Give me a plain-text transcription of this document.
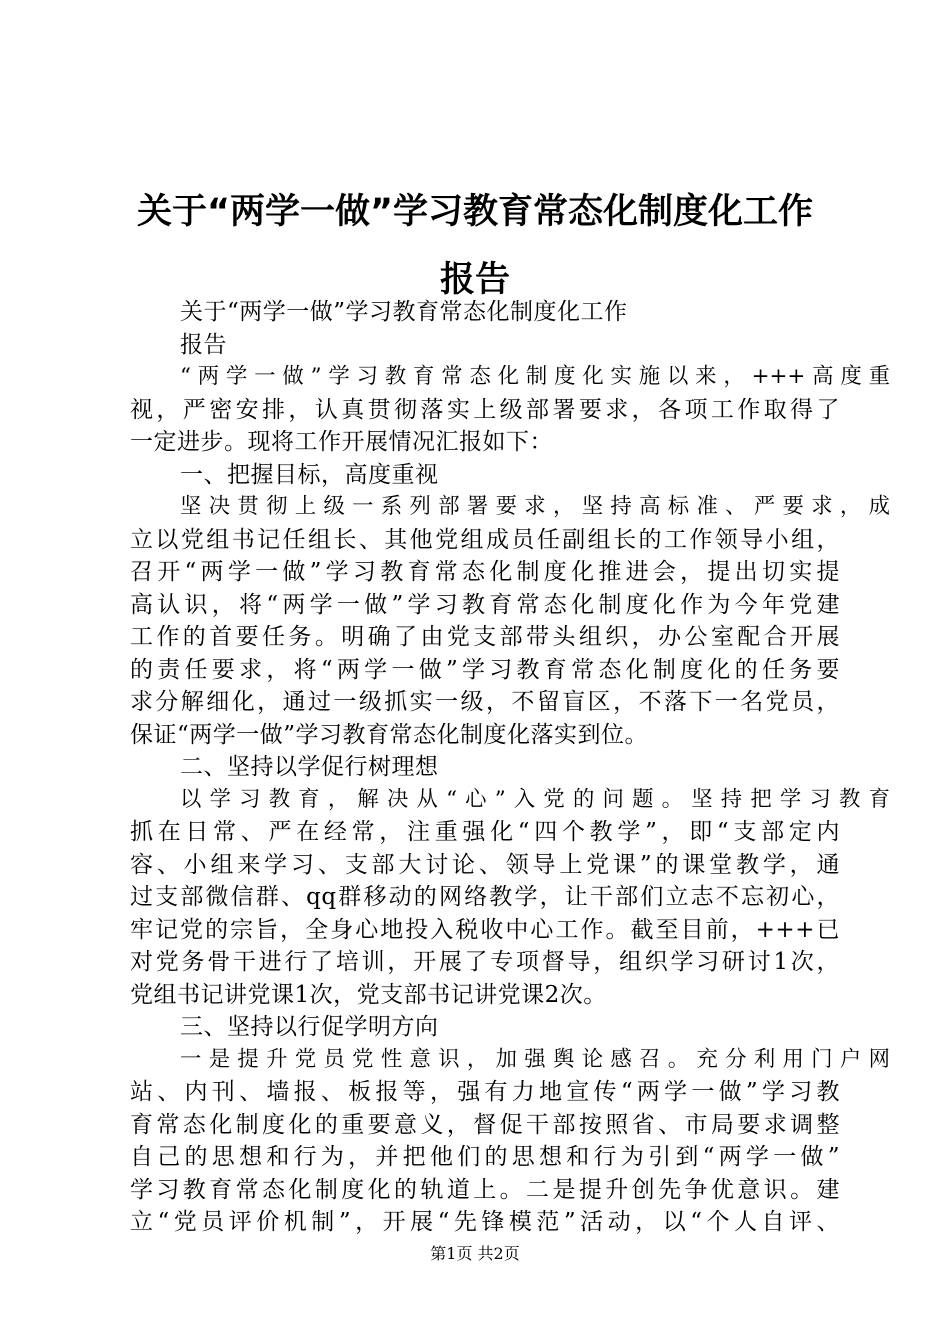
关于“两学一做”学习教育常态化制度化工作
报告
关于“两学一做”学习教育常态化制度化工作
报告
“两学一做”学习教育常态化制度化实施以来，+++高度重
视，严密安排，认真贯彻落实上级部署要求，各项工作取得了
一定进步。现将工作开展情况汇报如下：
一、把握目标，高度重视
坚决贯彻上级一系列部署要求，坚持高标准、严要求，成
立以党组书记任组长、其他党组成员任副组长的工作领导小组，
召开“两学一做”学习教育常态化制度化推进会，提出切实提
高认识，将“两学一做”学习教育常态化制度化作为今年党建
工作的首要任务。明确了由党支部带头组织，办公室配合开展
的责任要求，将“两学一做”学习教育常态化制度化的任务要
求分解细化，通过一级抓实一级，不留盲区，不落下一名党员，
保证“两学一做”学习教育常态化制度化落实到位。
二、坚持以学促行树理想
以学习教育，解决从“心”入党的问题。坚持把学习教育
抓在日常、严在经常，注重强化“四个教学”，即“支部定内
容、小组来学习、支部大讨论、领导上党课”的课堂教学，通
过支部微信群、qq群移动的网络教学，让干部们立志不忘初心，
牢记党的宗旨，全身心地投入税收中心工作。截至目前，+++已
对党务骨干进行了培训，开展了专项督导，组织学习研讨1次，
党组书记讲党课1次，党支部书记讲党课2次。
三、坚持以行促学明方向
一是提升党员党性意识，加强舆论感召。充分利用门户网
站、内刊、墙报、板报等，强有力地宣传“两学一做”学习教
育常态化制度化的重要意义，督促干部按照省、市局要求调整
自己的思想和行为，并把他们的思想和行为引到“两学一做”
学习教育常态化制度化的轨道上。二是提升创先争优意识。建
立“党员评价机制”，开展“先锋模范”活动，以“个人自评、
第1页 共2页
